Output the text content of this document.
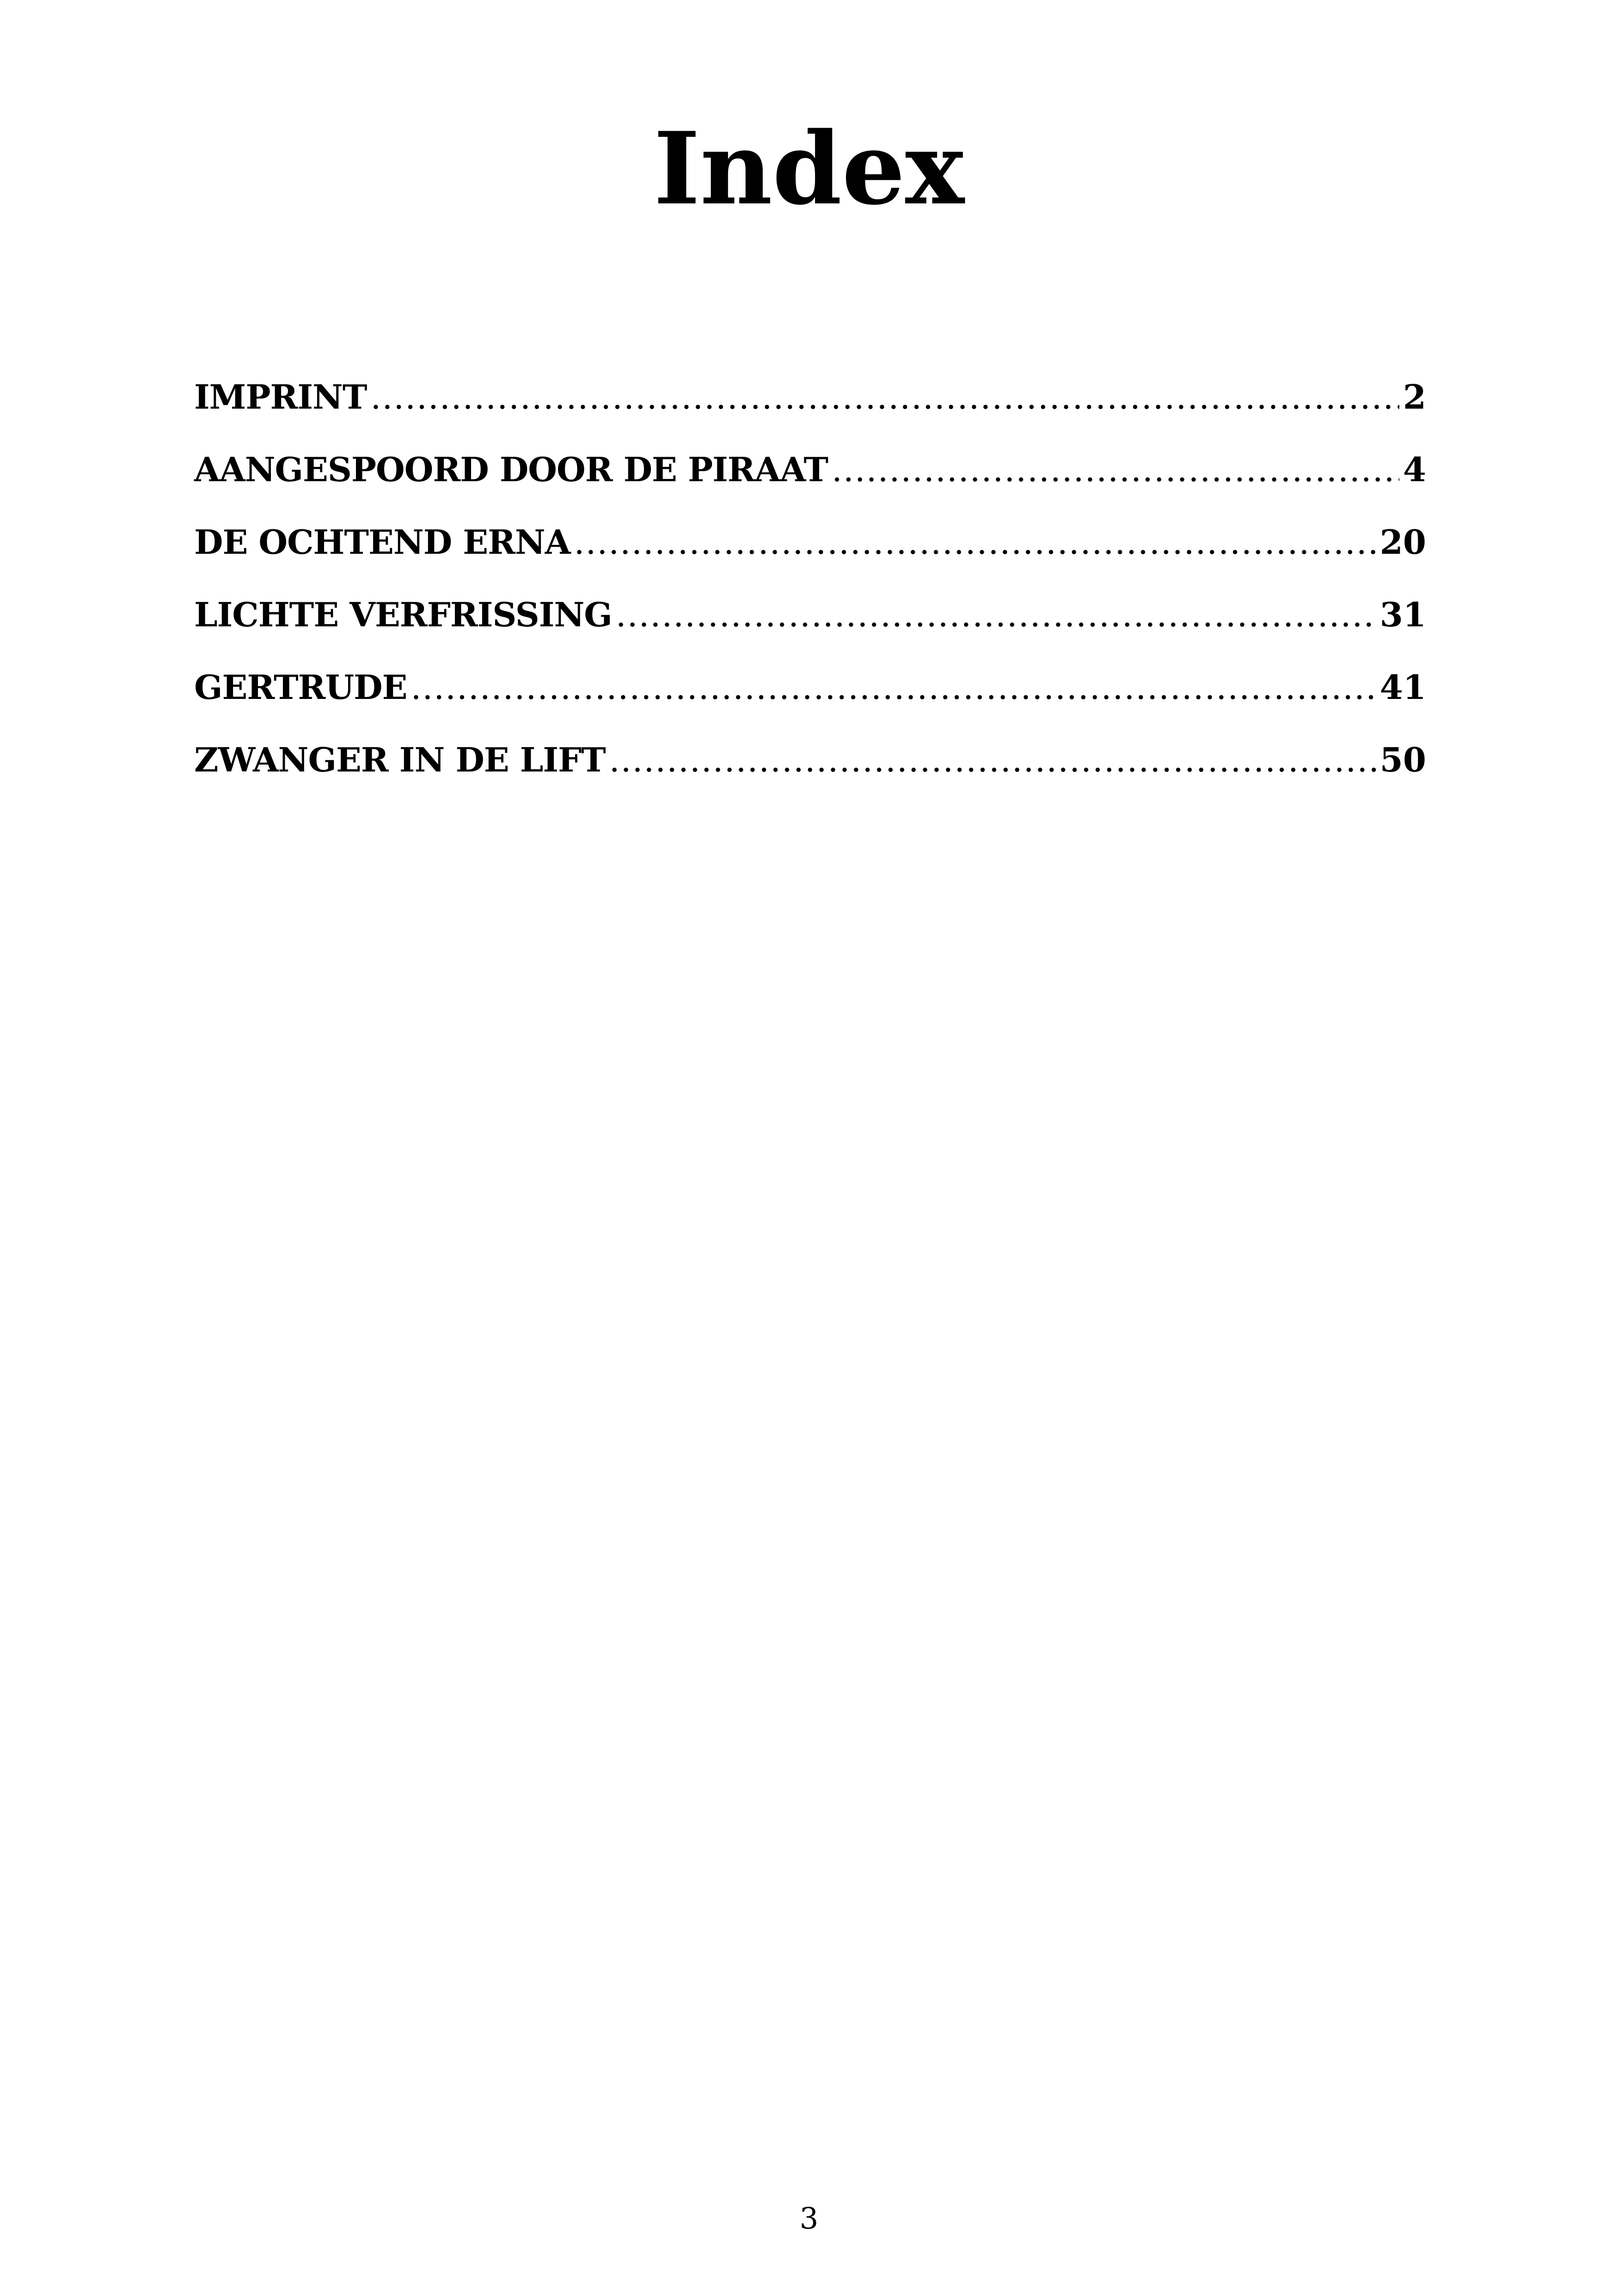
Index
IMPRINT .....	2
AANGESPOORD DOOR DE PIRAAT .....	4
DE OCHTEND ERNA .....	20
LICHTE VERFRISSING .....	31
GERTRUDE .....	41
ZWANGER IN DE LIFT .....	50
3
